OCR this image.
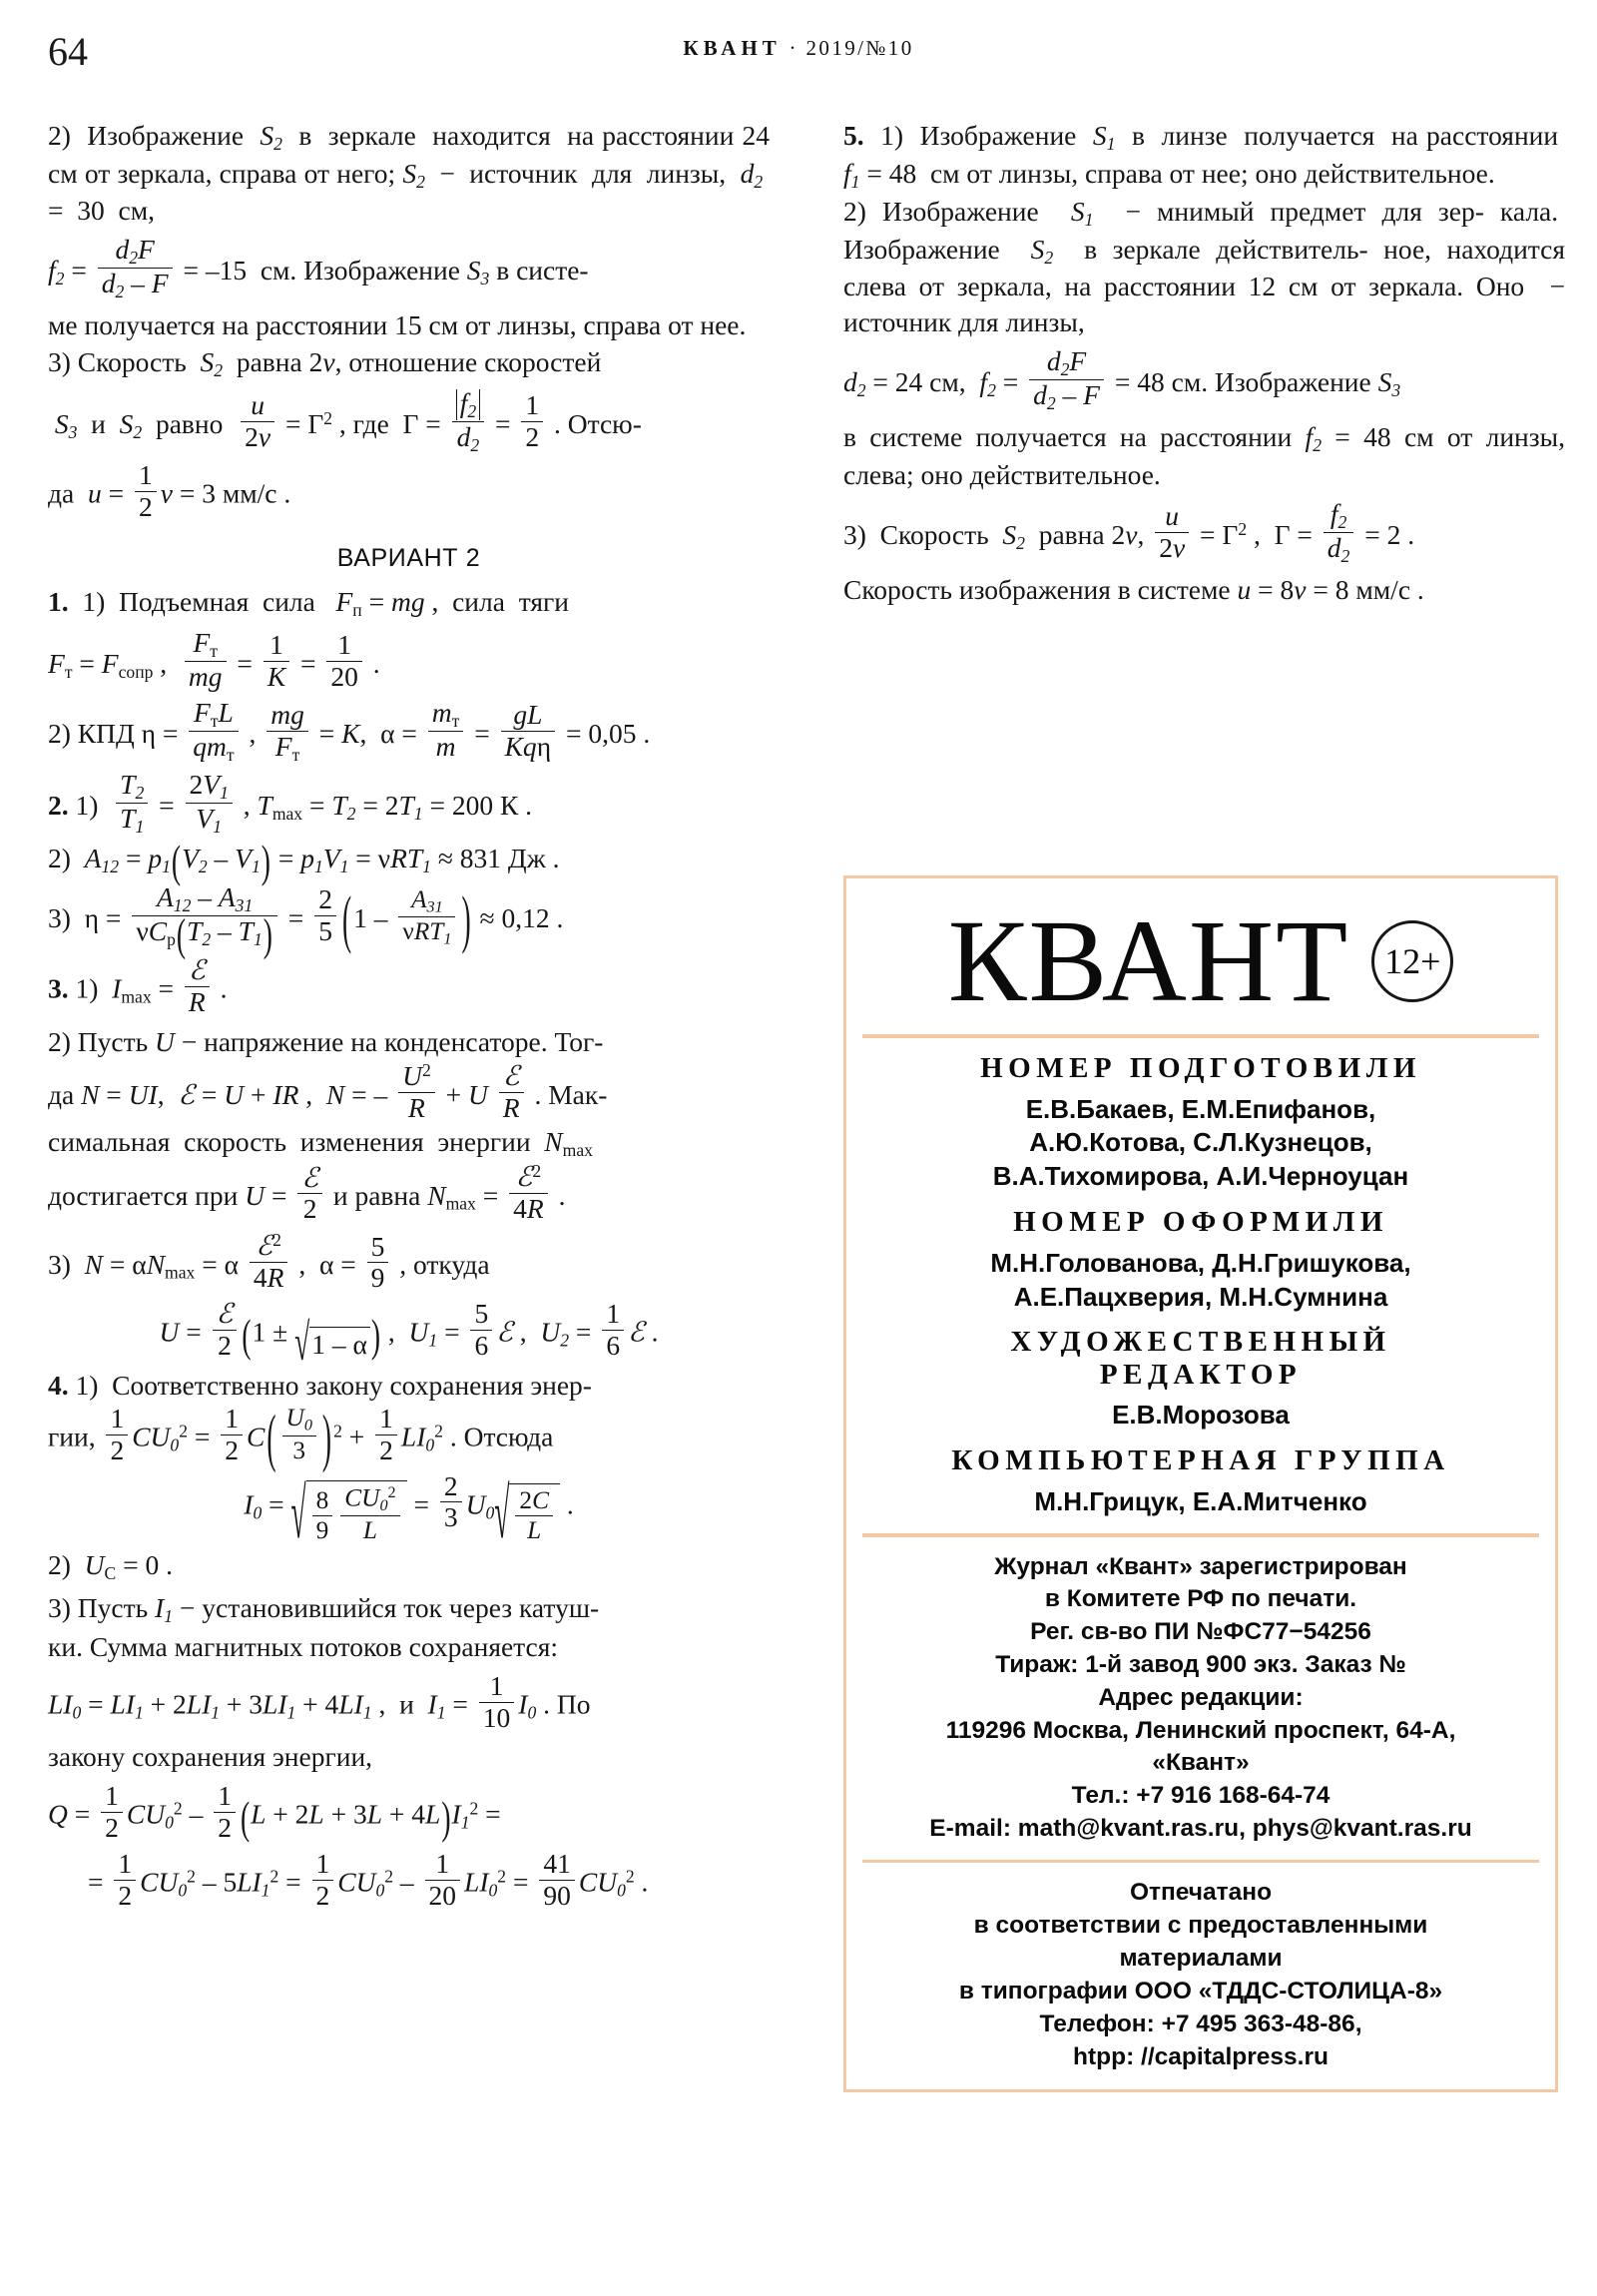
64	КВАНТ · 2019/№10

2)  Изображение  $S_2$  в  зеркале  находится  на расстоянии 24 см от зеркала, справа от него; $S_2$  −  источник  для  линзы,  $d_2 = 30$  см,

$f_2 = \frac{d_2F}{d_2 - F} = -15$  см. Изображение $S_3$ в систе-

ме получается на расстоянии 15 см от линзы, справа от нее.

3) Скорость  $S_2$  равна 2v, отношение скоростей

$S_3$  и  $S_2$  равно $\frac{u}{2v} = Г^2$ , где  $Г = \frac{f_2}{d_2} = \frac{1}{2}$ . Отсю-
да  $u = \frac{1}{2}$ v = 3 мм/с .
ВАРИАНТ 2

1.  1)  Подъемная  сила   $F_п$ = mg ,  сила  тяги

$F_т = F_{сопр}$ ,
$F_т$
mg = $\frac{1}{K} = \frac{1}{20}$ .
2) КПД η =
$F_тL$
$qm_т$
,
mg
$F_т$
= K,  α =
$m_т$
m =
gL
Kqη = 0,05 .
2. $1) \frac{T_2}{T_1} = \frac{2V_1}{V_1}$ , $T_{max} = T_2 = 2T_1 = 200$ К .
2)  $A_{12} = p_1(V_2 - V_1) = p_1V_1 = \nu RT_1 \approx 831$ Дж .
3)  η =
$A_{12} - A_{31}$
$\nu C_p(T_2 - T_1) = \frac{2}{5} (1$ –
$A_{31}$
νRT$_1$ ) ≈ 0,12 .
3. 1)  $I_{max}$ =
ℰ
R .

2) Пусть U − напряжение на конденсаторе. Тог-

да N = UI,  ℰ = U + IR ,  N = – $\frac{U^2}{R} + U$
ℰ
R . Мак-

симальная  скорость  изменения  энергии  $N_{max}$

достигается при U =
ℰ
2 и равна $N_{max}$ =
ℰ$^2$
4R .

3)  $N = \alpha N_{max} = \alpha$
ℰ$^2$
4R ,  $\alpha = \frac{5}{9}$ , откуда
U =
ℰ
2 (1 ± √1 – α ) ,  $U_1 = \frac{5}{6}$ ℰ ,  $U_2 = \frac{1}{6}$ ℰ .

4. 1)  Соответственно закону сохранения энер-

гии, $\frac{1}{2} CU_0^2 = \frac{1}{2} C( \frac{U_0}{3}$ ) $^2 + \frac{1}{2} LI_0^2$ . Отсюда

$I_0$ = √ $\frac{8}{9} \frac{CU_0^2}{L} = \frac{2}{3} U_0√ \frac{2C}{L}$ .
2)  $U_C = 0$ .

3) Пусть $I_1$ − установившийся ток через катуш-

ки. Сумма магнитных потоков сохраняется:

$LI_0 = LI_1 + 2LI_1 + 3LI_1 + 4LI_1$ ,  и  $I_1 = \frac{1}{10} I_0$ . По

закону сохранения энергии,

$Q = \frac{1}{2} CU_0^2 - \frac{1}{2} (L + 2L + 3L + 4L)I_1^2$ =
= $\frac{1}{2} CU_0^2 - 5LI_1^2 = \frac{1}{2} CU_0^2 - \frac{1}{20} LI_0^2 = \frac{41}{90} CU_0^2$ .

5.  1)  Изображение  $S_1$  в  линзе  получается  на расстоянии  $f_1 = 48$  см от линзы, справа от нее; оно действительное.

2) Изображение  $S_1$  − мнимый предмет для зер- кала.  Изображение  $S_2$  в зеркале действитель- ное, находится слева от зеркала, на расстоянии 12 см от зеркала. Оно  − источник для линзы,

$d_2 = 24$ см,  $f_2 = \frac{d_2F}{d_2 - F} = 48$ см. Изображение $S_3$

в системе получается на расстоянии $f_2 = 48$ см от линзы, слева; оно действительное.

3)  Скорость  $S_2$  равна 2v, $\frac{u}{2v} = Г^2$ ,  $Г = \frac{f_2}{d_2} = 2$ .

Скорость изображения в системе u = 8v = 8 мм/с .

КВАНТ 12+
НОМЕР ПОДГОТОВИЛИ
Е.В.Бакаев, Е.М.Епифанов,
А.Ю.Котова, С.Л.Кузнецов,
В.А.Тихомирова, А.И.Черноуцан
НОМЕР ОФОРМИЛИ
М.Н.Голованова, Д.Н.Гришукова,
А.Е.Пацхверия, М.Н.Сумнина
ХУДОЖЕСТВЕННЫЙ
РЕДАКТОР
Е.В.Морозова
КОМПЬЮТЕРНАЯ ГРУППА
М.Н.Грицук, Е.А.Митченко
Журнал «Квант» зарегистрирован
в Комитете РФ по печати.
Рег. св-во ПИ №ФС77−54256
Тираж: 1-й завод 900 экз. Заказ №
Адрес редакции:
119296 Москва, Ленинский проспект, 64-А,
«Квант»
Тел.: +7 916 168-64-74
E-mail: math@kvant.ras.ru, phys@kvant.ras.ru
Отпечатано
в соответствии с предоставленными
материалами
в типографии ООО «ТДДС-СТОЛИЦА-8»
Телефон: +7 495 363-48-86,
htpp: //capitalpress.ru
